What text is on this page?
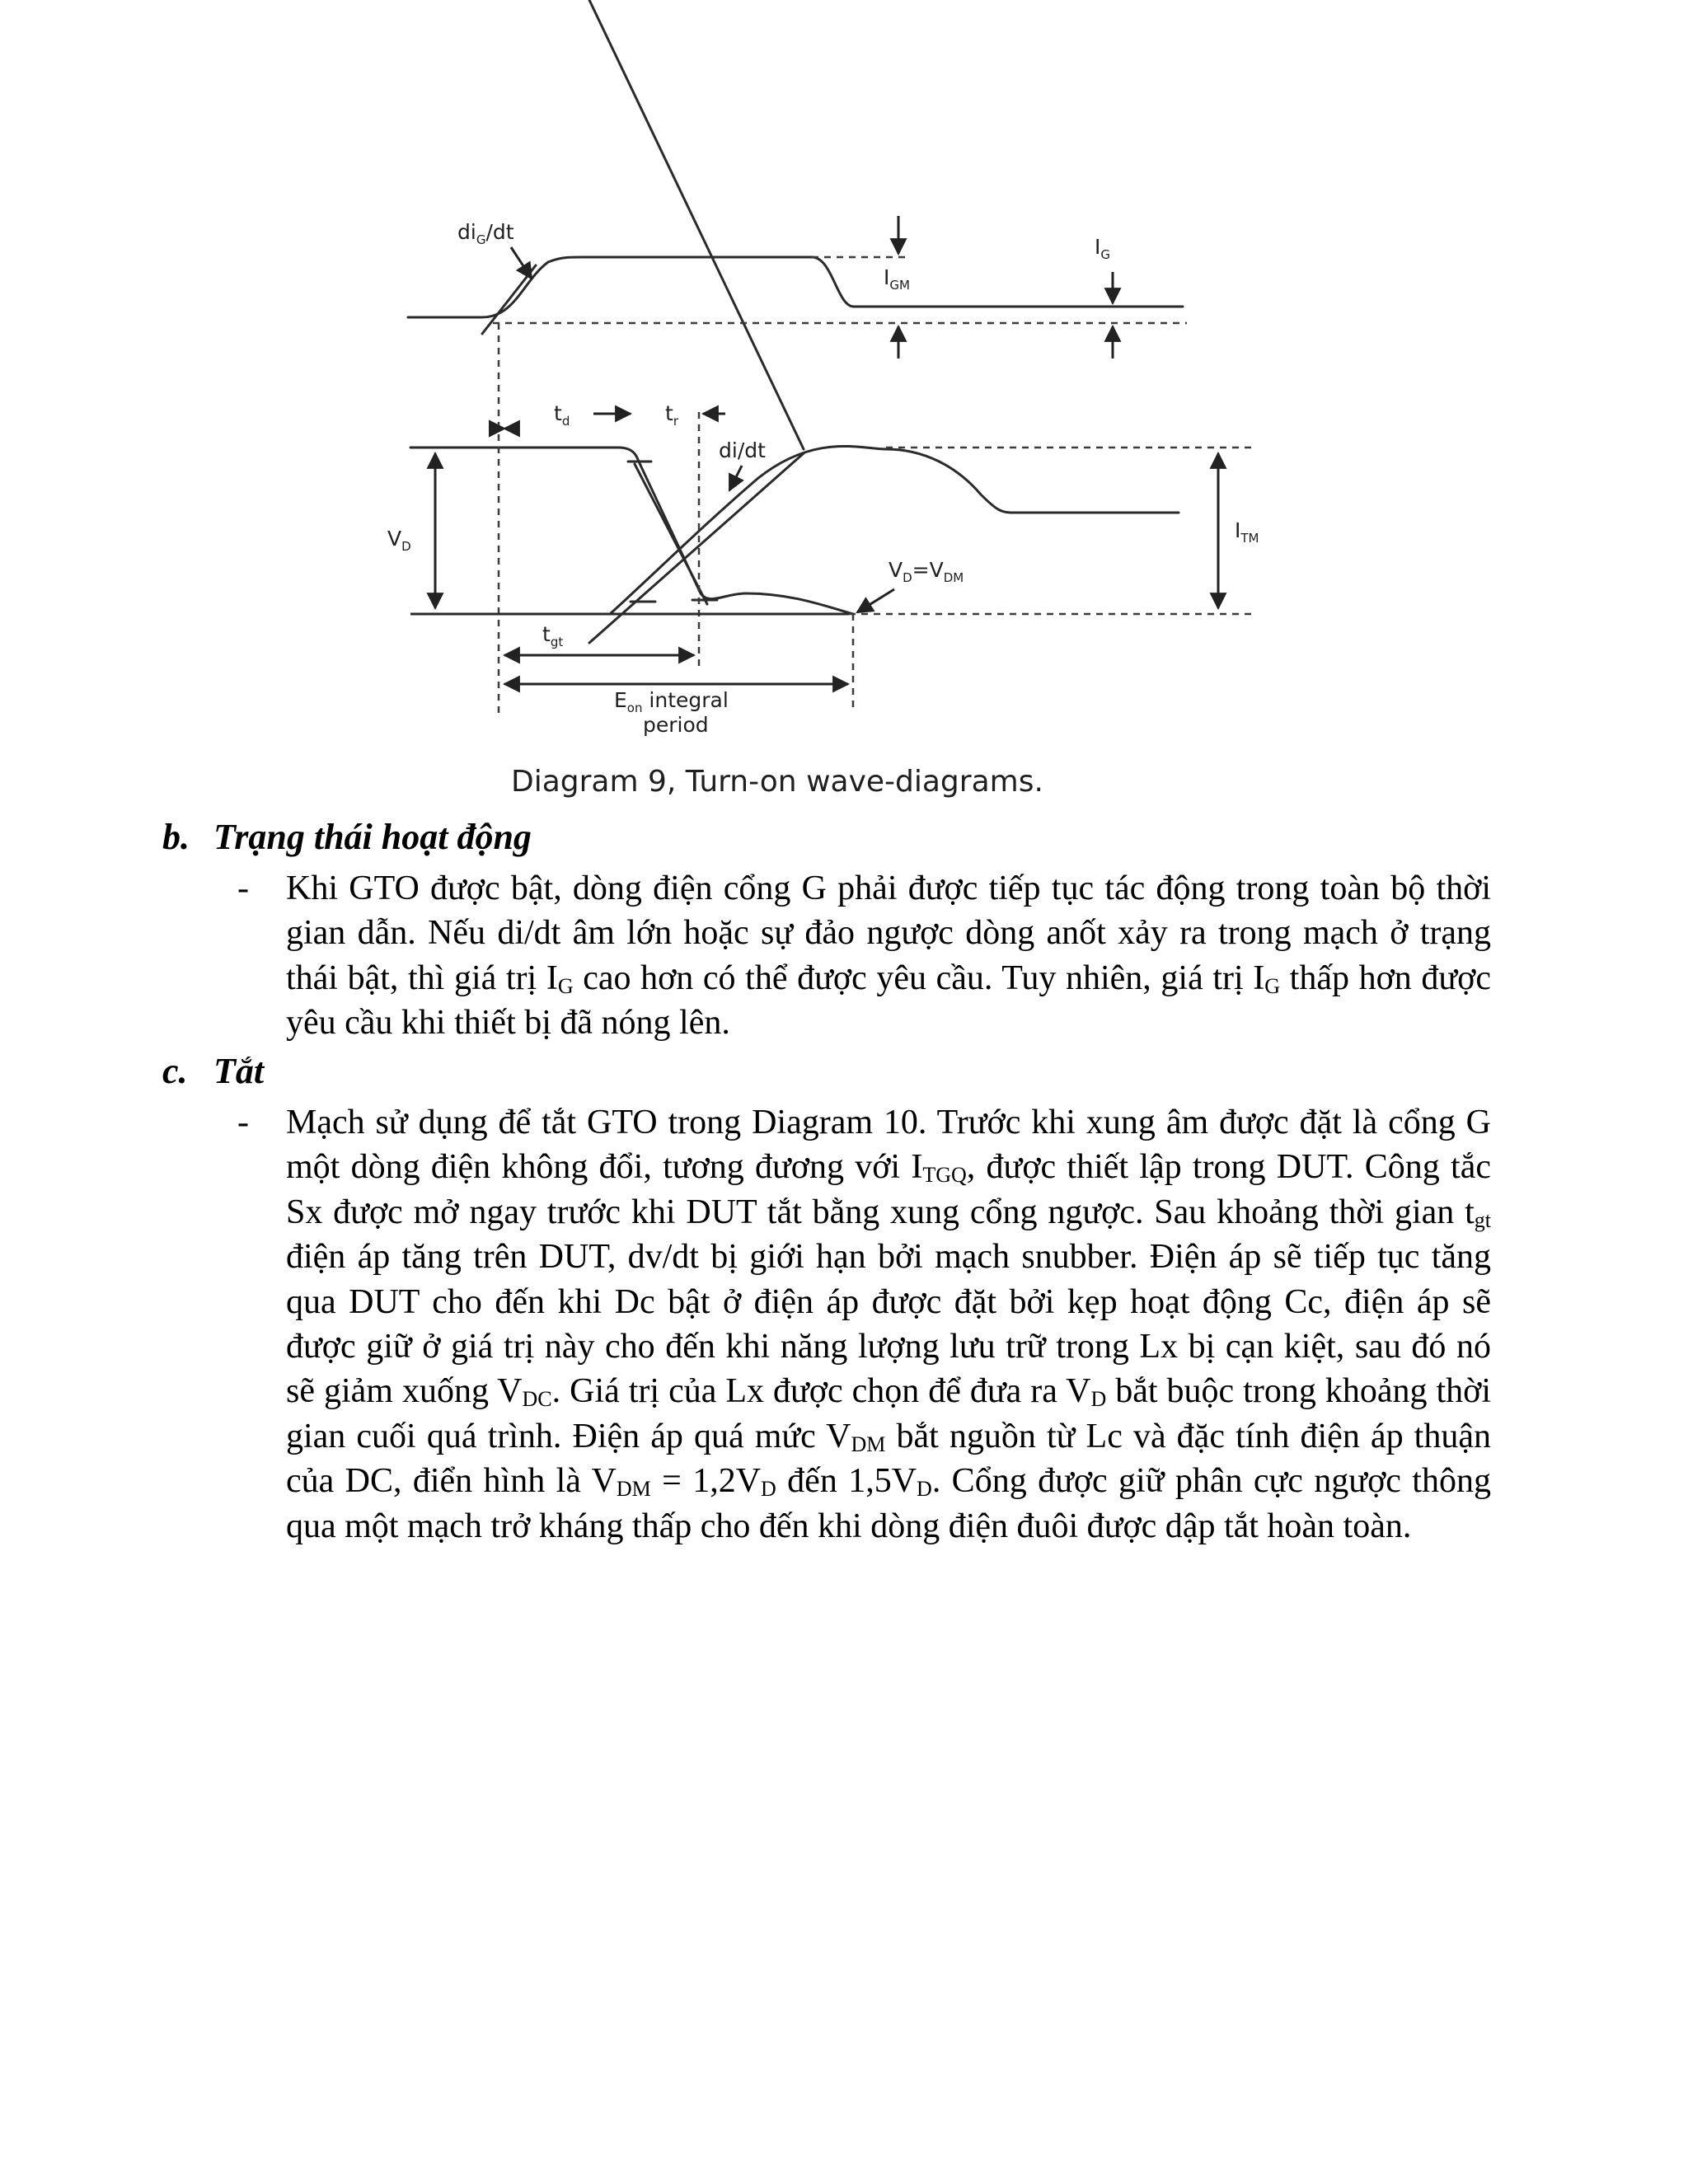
$di_G/dt$
$I_G$
$I_{GM}$
$t_d$	$t_r$
di/dt
$V_D$
$I_{TM}$
$V_D=V_{DM}$
$t_{gt}$
$E_{on}$ integral
period
Diagram 9, Turn-on wave-diagrams.
b. Trạng thái hoạt động
- Khi GTO được bật, dòng điện cổng G phải được tiếp tục tác động trong toàn bộ thời gian dẫn. Nếu di/dt âm lớn hoặc sự đảo ngược dòng anốt xảy ra trong mạch ở trạng thái bật, thì giá trị $I_G$ cao hơn có thể được yêu cầu. Tuy nhiên, giá trị $I_G$ thấp hơn được yêu cầu khi thiết bị đã nóng lên.

c. Tắt
- Mạch sử dụng để tắt GTO trong Diagram 10. Trước khi xung âm được đặt là cổng G một dòng điện không đổi, tương đương với $I_{TGQ}$, được thiết lập trong DUT. Công tắc Sx được mở ngay trước khi DUT tắt bằng xung cổng ngược. Sau khoảng thời gian $t_{gt}$ điện áp tăng trên DUT, dv/dt bị giới hạn bởi mạch snubber. Điện áp sẽ tiếp tục tăng qua DUT cho đến khi Dc bật ở điện áp được đặt bởi kẹp hoạt động Cc, điện áp sẽ được giữ ở giá trị này cho đến khi năng lượng lưu trữ trong Lx bị cạn kiệt, sau đó nó sẽ giảm xuống $V_{DC}$. Giá trị của Lx được chọn để đưa ra $V_D$ bắt buộc trong khoảng thời gian cuối quá trình. Điện áp quá mức $V_{DM}$ bắt nguồn từ Lc và đặc tính điện áp thuận của DC, điển hình là $V_{DM} = 1,2V_D$ đến $1,5V_D$. Cổng được giữ phân cực ngược thông qua một mạch trở kháng thấp cho đến khi dòng điện đuôi được dập tắt hoàn toàn.
